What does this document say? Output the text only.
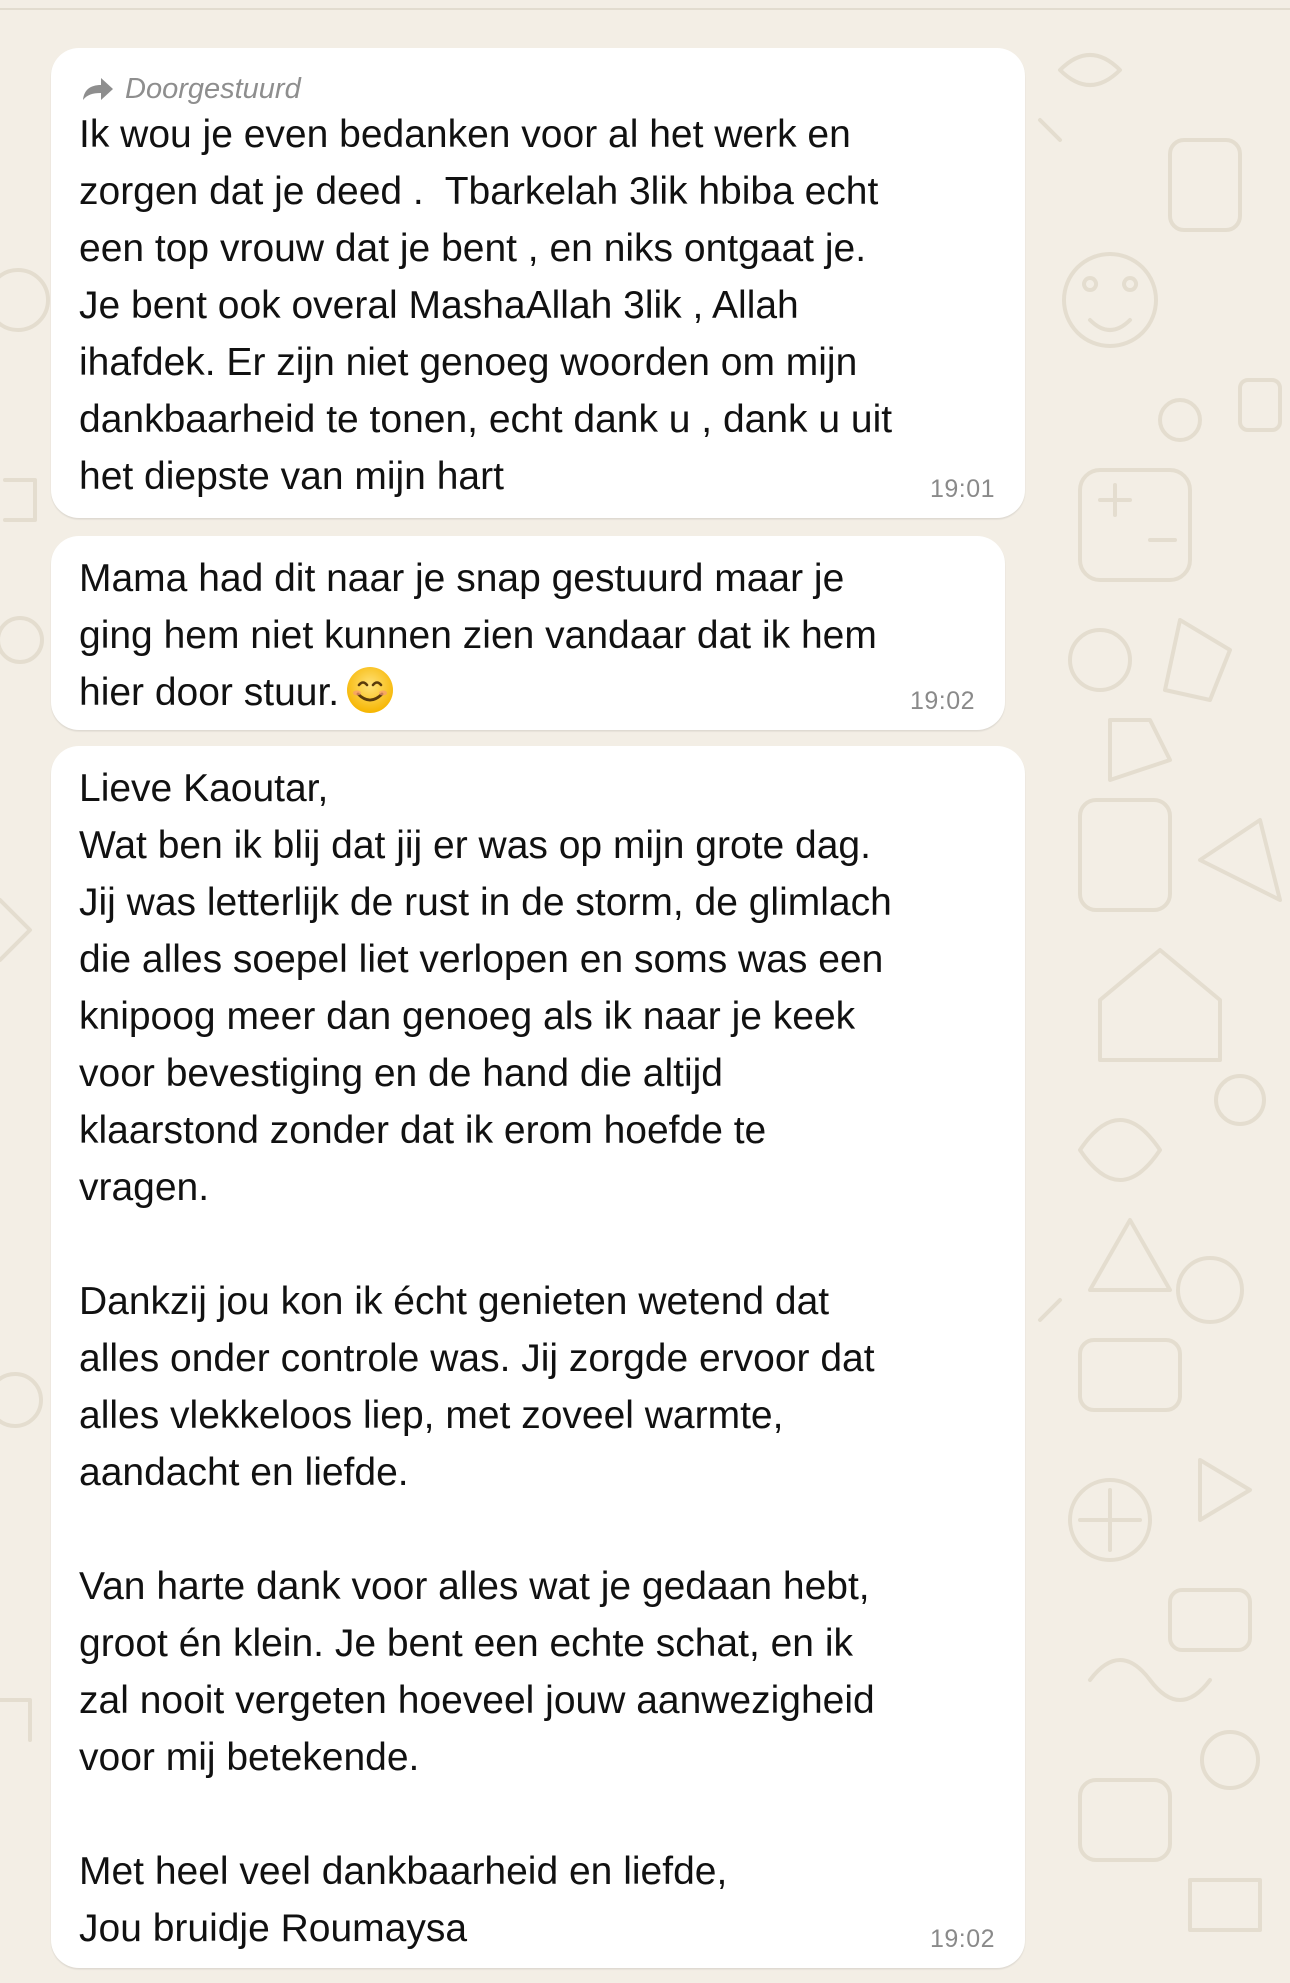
Doorgestuurd

Ik wou je even bedanken voor al het werk en
zorgen dat je deed .  Tbarkelah 3lik hbiba echt
een top vrouw dat je bent , en niks ontgaat je.
Je bent ook overal MashaAllah 3lik , Allah
ihafdek. Er zijn niet genoeg woorden om mijn
dankbaarheid te tonen, echt dank u , dank u uit
het diepste van mijn hart	19:01

Mama had dit naar je snap gestuurd maar je
ging hem niet kunnen zien vandaar dat ik hem
hier door stuur.	19:02

Lieve Kaoutar,
Wat ben ik blij dat jij er was op mijn grote dag.
Jij was letterlijk de rust in de storm, de glimlach
die alles soepel liet verlopen en soms was een
knipoog meer dan genoeg als ik naar je keek
voor bevestiging en de hand die altijd
klaarstond zonder dat ik erom hoefde te
vragen.

Dankzij jou kon ik écht genieten wetend dat
alles onder controle was. Jij zorgde ervoor dat
alles vlekkeloos liep, met zoveel warmte,
aandacht en liefde.

Van harte dank voor alles wat je gedaan hebt,
groot én klein. Je bent een echte schat, en ik
zal nooit vergeten hoeveel jouw aanwezigheid
voor mij betekende.

Met heel veel dankbaarheid en liefde,
Jou bruidje Roumaysa	19:02
